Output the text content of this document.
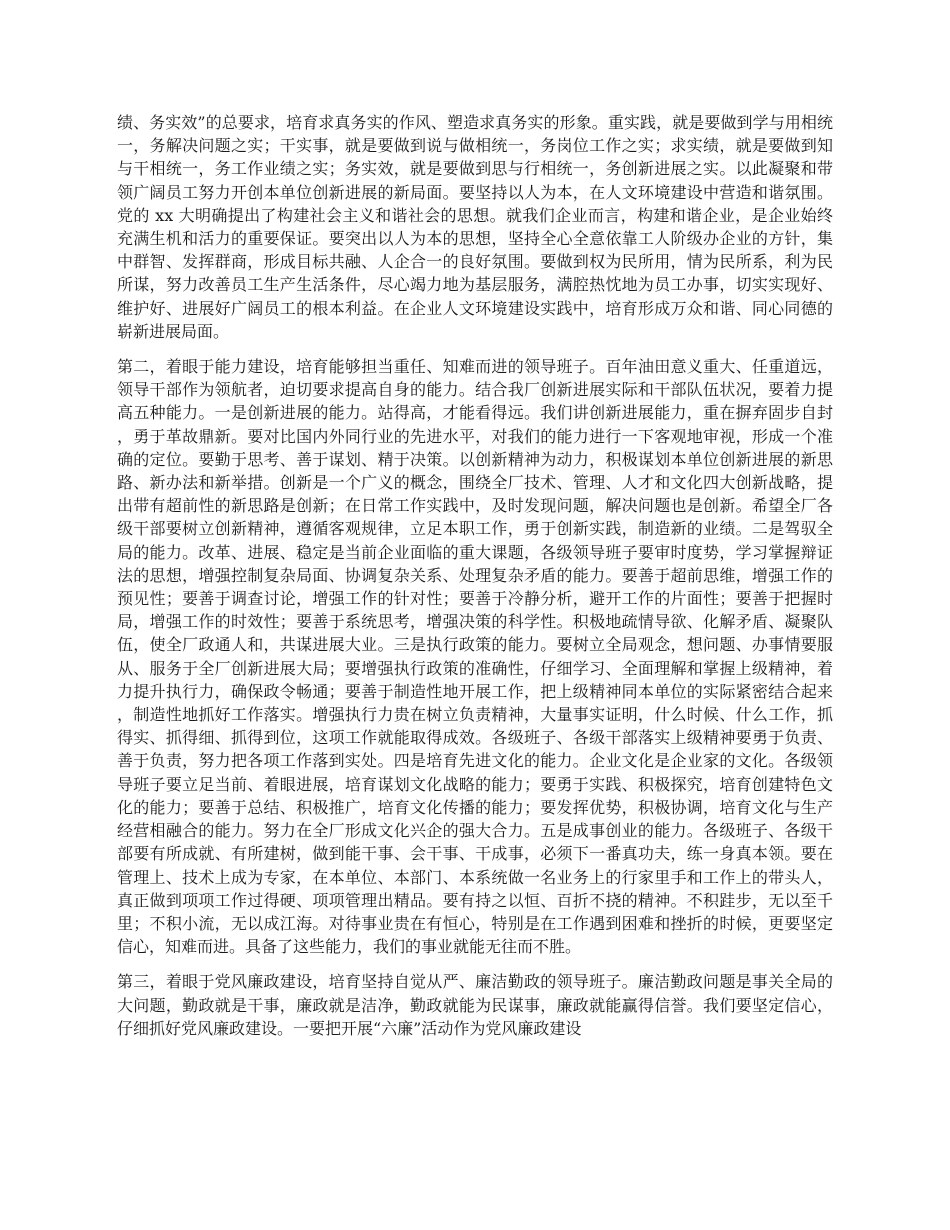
绩、务实效”的总要求，培育求真务实的作风、塑造求真务实的形象。重实践，就是要做到学与用相统一，务解决问题之实；干实事，就是要做到说与做相统一，务岗位工作之实；求实绩，就是要做到知与干相统一，务工作业绩之实；务实效，就是要做到思与行相统一，务创新进展之实。以此凝聚和带领广阔员工努力开创本单位创新进展的新局面。要坚持以人为本，在人文环境建设中营造和谐氛围。党的 xx 大明确提出了构建社会主义和谐社会的思想。就我们企业而言，构建和谐企业，是企业始终充满生机和活力的重要保证。要突出以人为本的思想，坚持全心全意依靠工人阶级办企业的方针，集中群智、发挥群商，形成目标共融、人企合一的良好氛围。要做到权为民所用，情为民所系，利为民所谋，努力改善员工生产生活条件，尽心竭力地为基层服务，满腔热忱地为员工办事，切实实现好、维护好、进展好广阔员工的根本利益。在企业人文环境建设实践中，培育形成万众和谐、同心同德的崭新进展局面。

第二，着眼于能力建设，培育能够担当重任、知难而进的领导班子。百年油田意义重大、任重道远，领导干部作为领航者，迫切要求提高自身的能力。结合我厂创新进展实际和干部队伍状况，要着力提高五种能力。一是创新进展的能力。站得高，才能看得远。我们讲创新进展能力，重在摒弃固步自封，勇于革故鼎新。要对比国内外同行业的先进水平，对我们的能力进行一下客观地审视，形成一个准确的定位。要勤于思考、善于谋划、精于决策。以创新精神为动力，积极谋划本单位创新进展的新思路、新办法和新举措。创新是一个广义的概念，围绕全厂技术、管理、人才和文化四大创新战略，提出带有超前性的新思路是创新；在日常工作实践中，及时发现问题，解决问题也是创新。希望全厂各级干部要树立创新精神，遵循客观规律，立足本职工作，勇于创新实践，制造新的业绩。二是驾驭全局的能力。改革、进展、稳定是当前企业面临的重大课题，各级领导班子要审时度势，学习掌握辩证法的思想，增强控制复杂局面、协调复杂关系、处理复杂矛盾的能力。要善于超前思维，增强工作的预见性；要善于调查讨论，增强工作的针对性；要善于冷静分析，避开工作的片面性；要善于把握时局，增强工作的时效性；要善于系统思考，增强决策的科学性。积极地疏情导欲、化解矛盾、凝聚队伍，使全厂政通人和，共谋进展大业。三是执行政策的能力。要树立全局观念，想问题、办事情要服从、服务于全厂创新进展大局；要增强执行政策的准确性，仔细学习、全面理解和掌握上级精神，着力提升执行力，确保政令畅通；要善于制造性地开展工作，把上级精神同本单位的实际紧密结合起来，制造性地抓好工作落实。增强执行力贵在树立负责精神，大量事实证明，什么时候、什么工作，抓得实、抓得细、抓得到位，这项工作就能取得成效。各级班子、各级干部落实上级精神要勇于负责、善于负责，努力把各项工作落到实处。四是培育先进文化的能力。企业文化是企业家的文化。各级领导班子要立足当前、着眼进展，培育谋划文化战略的能力；要勇于实践、积极探究，培育创建特色文化的能力；要善于总结、积极推广，培育文化传播的能力；要发挥优势，积极协调，培育文化与生产经营相融合的能力。努力在全厂形成文化兴企的强大合力。五是成事创业的能力。各级班子、各级干部要有所成就、有所建树，做到能干事、会干事、干成事，必须下一番真功夫，练一身真本领。要在管理上、技术上成为专家，在本单位、本部门、本系统做一名业务上的行家里手和工作上的带头人，真正做到项项工作过得硬、项项管理出精品。要有持之以恒、百折不挠的精神。不积跬步，无以至千里；不积小流，无以成江海。对待事业贵在有恒心，特别是在工作遇到困难和挫折的时候，更要坚定信心，知难而进。具备了这些能力，我们的事业就能无往而不胜。

第三，着眼于党风廉政建设，培育坚持自觉从严、廉洁勤政的领导班子。廉洁勤政问题是事关全局的大问题，勤政就是干事，廉政就是洁净，勤政就能为民谋事，廉政就能赢得信誉。我们要坚定信心，仔细抓好党风廉政建设。一要把开展“六廉”活动作为党风廉政建设
